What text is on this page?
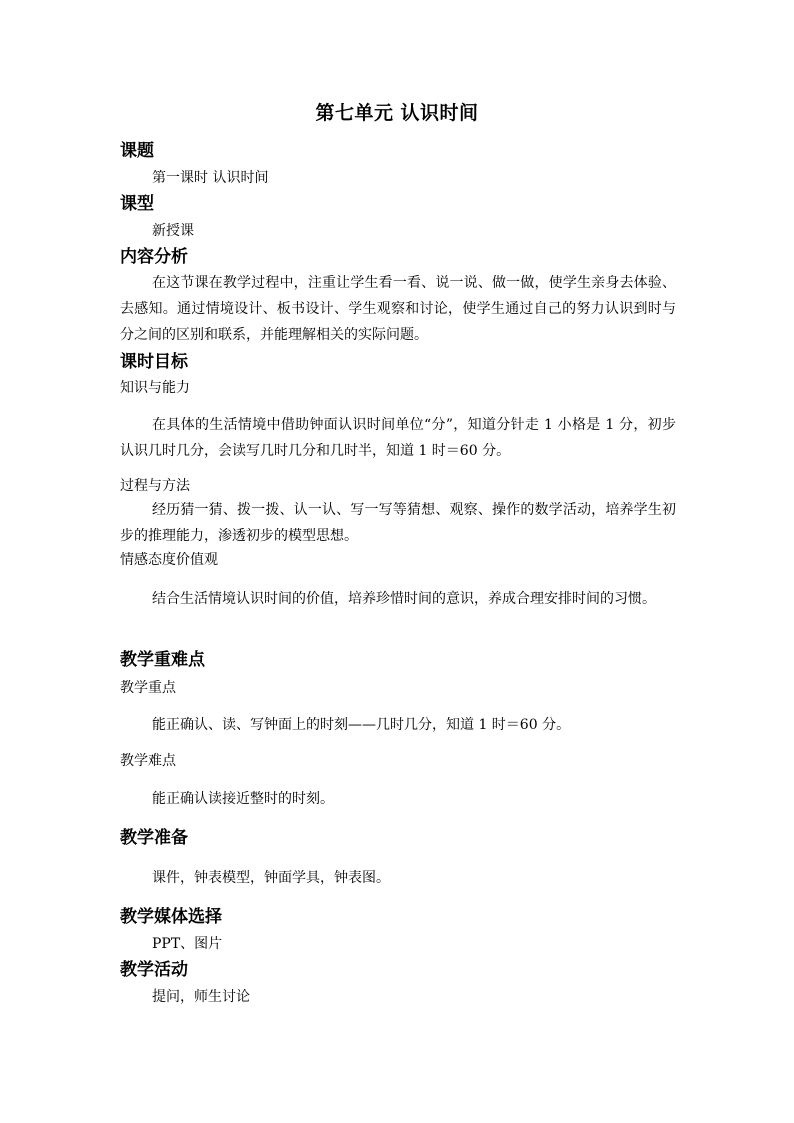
第七单元 认识时间
课题
第一课时 认识时间
课型
新授课
内容分析
在这节课在教学过程中，注重让学生看一看、说一说、做一做，使学生亲身去体验、去感知。通过情境设计、板书设计、学生观察和讨论，使学生通过自己的努力认识到时与分之间的区别和联系，并能理解相关的实际问题。
课时目标
知识与能力
在具体的生活情境中借助钟面认识时间单位“分”，知道分针走 1 小格是 1 分，初步认识几时几分，会读写几时几分和几时半，知道 1 时＝60 分。
过程与方法
经历猜一猜、拨一拨、认一认、写一写等猜想、观察、操作的数学活动，培养学生初步的推理能力，渗透初步的模型思想。
情感态度价值观
结合生活情境认识时间的价值，培养珍惜时间的意识，养成合理安排时间的习惯。
教学重难点
教学重点
能正确认、读、写钟面上的时刻——几时几分，知道 1 时＝60 分。
教学难点
能正确认读接近整时的时刻。
教学准备
课件，钟表模型，钟面学具，钟表图。
教学媒体选择
PPT、图片
教学活动
提问，师生讨论
